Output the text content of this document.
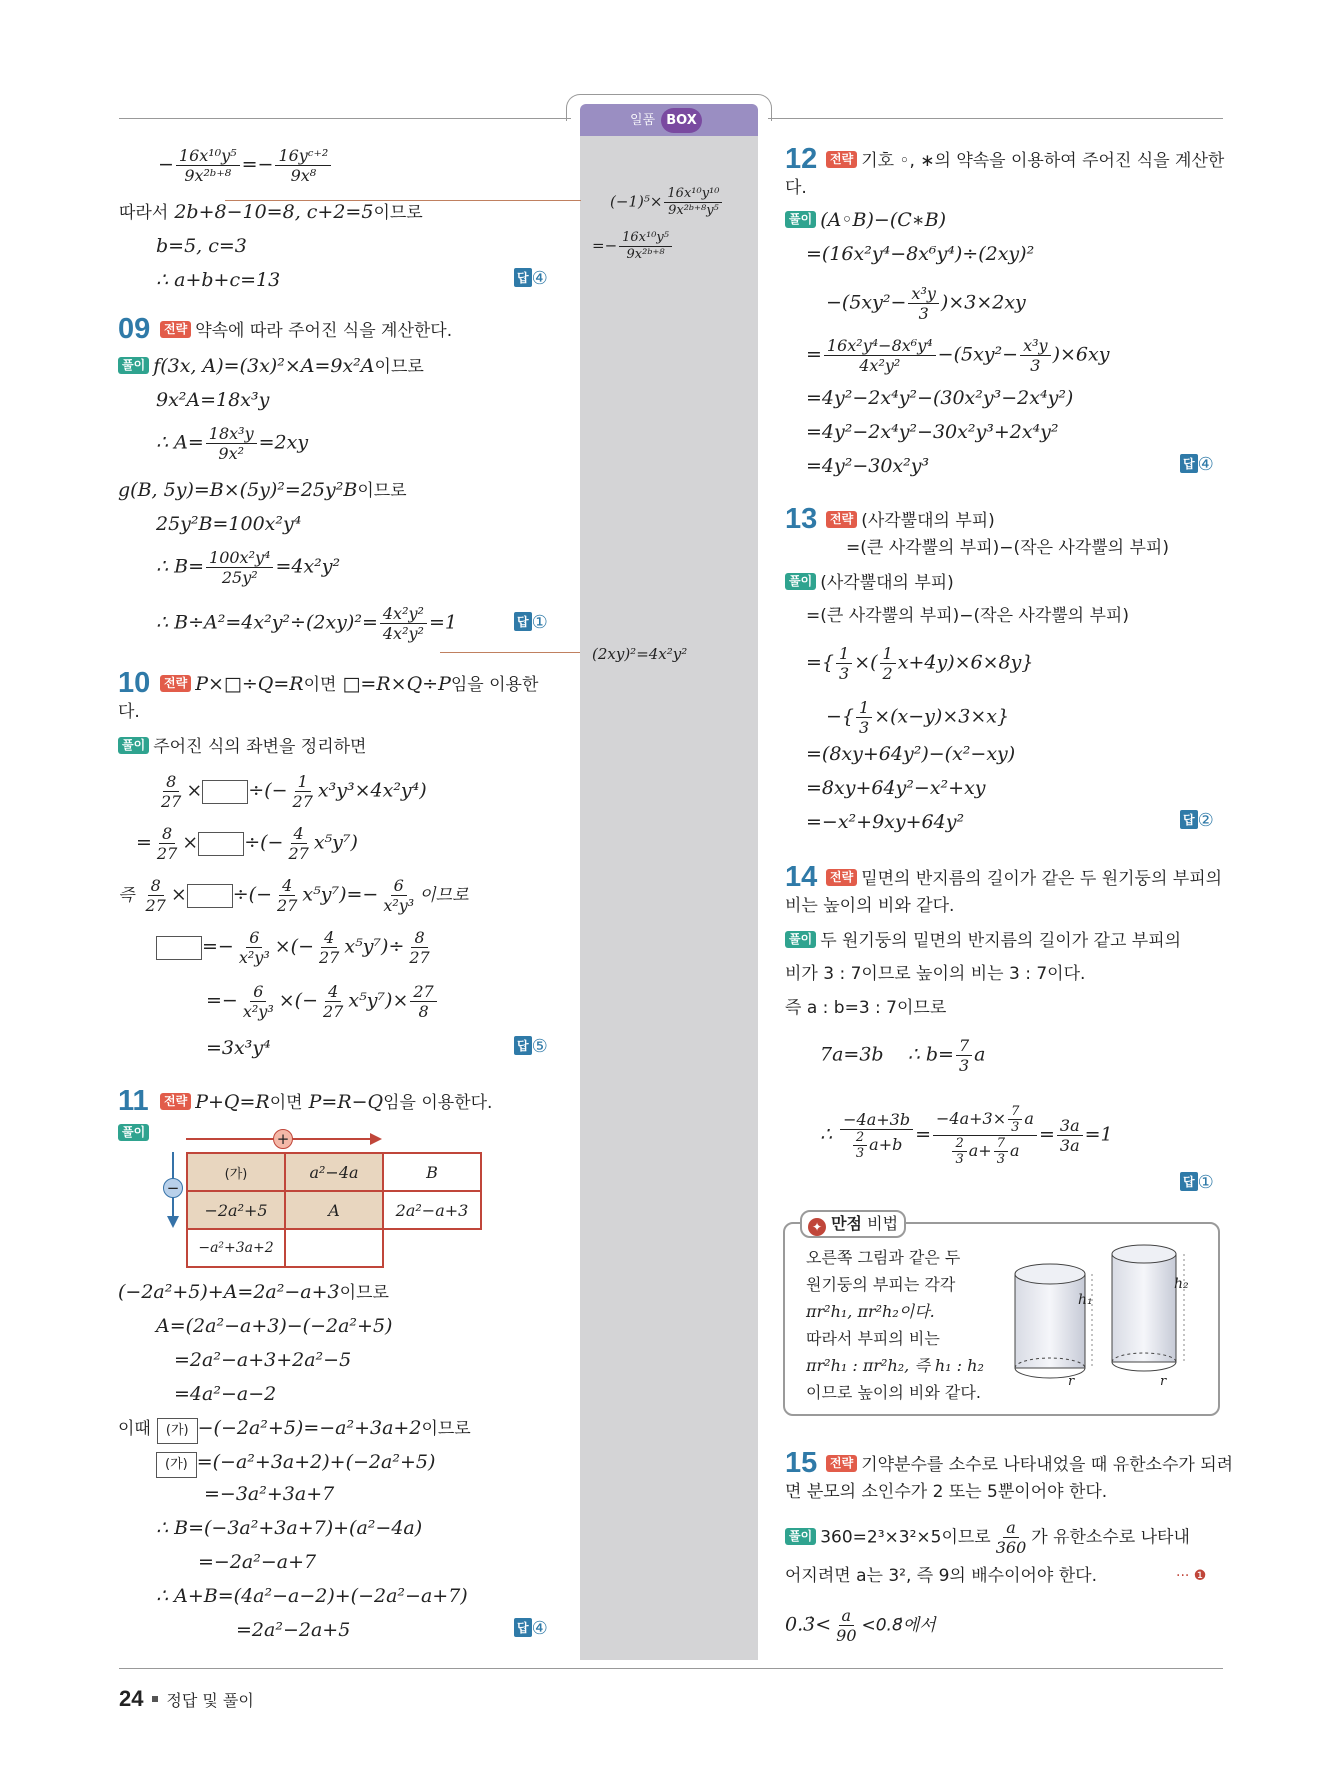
일품 BOX
$(-1)^5\times \frac{\text{16x¹⁰y¹⁰}}{\text{9x²ᵇ⁺⁸y⁵}}$
=− $\frac{\text{16x¹⁰y⁵}}{\text{9x²ᵇ⁺⁸}}$
(2xy)²=4x²y²
− $\frac{\text{16x¹⁰y⁵}}{\text{9x²ᵇ⁺⁸}} =- \frac{\text{16yᶜ⁺²}}{\text{9x⁸}}$
따라서 2b+8−10=8, c+2=5이므로
b=5, c=3
∴ a+b+c=13	답 ④
09	전략 약속에 따라 주어진 식을 계산한다.
풀이 f(3x, A)=(3x)²×A=9x²A이므로
9x²A=18x³y
∴ $A= \frac{\text{18x³y}}{\text{9x²}} =2xy$
g(B, 5y)=B×(5y)²=25y²B이므로
25y²B=100x²y⁴
∴ $B= \frac{\text{100x²y⁴}}{\text{25y²}} =4x^2y^2$
∴ $B\div A^2=4x^2y^2\div(2xy)^2= \frac{\text{4x²y²}}{\text{4x²y²}} =1$	답 ①
10	전략 P×□÷Q=R이면 □=R×Q÷P임을 이용한
다.
풀이 주어진 식의 좌변을 정리하면
$\frac{8}{27}$ × ÷(− $\frac{1}{27} x^3y^3\times 4x^2y^4$)
= $\frac{8}{27}$ × ÷(− $\frac{4}{27} x^5y^7$)
즉 $\frac{8}{27}$ × ÷(− $\frac{4}{27} x^5y^7)=- \frac{6}{\text{x²y³}}$ 이므로
=− $\frac{6}{\text{x²y³}}$ ×(− $\frac{4}{27} x^5y^7)\div \frac{8}{27}$
=− $\frac{6}{\text{x²y³}}$ ×(− $\frac{4}{27} x^5y^7)\times \frac{27}{8}$
=3x³y⁴	답 ⑤
11	전략 P+Q=R이면 P=R−Q임을 이용한다.
풀이	+
−
(가)	a²−4a	B
−2a²+5	A	2a²−a+3
−a²+3a+2		
(−2a²+5)+A=2a²−a+3이므로
A=(2a²−a+3)−(−2a²+5)
=2a²−a+3+2a²−5
=4a²−a−2
이때 (가) −(−2a²+5)=−a²+3a+2이므로
(가) =(−a²+3a+2)+(−2a²+5)
=−3a²+3a+7
∴ B=(−3a²+3a+7)+(a²−4a)
=−2a²−a+7
∴ A+B=(4a²−a−2)+(−2a²−a+7)
=2a²−2a+5	답 ④
12	전략 기호 ◦, ∗의 약속을 이용하여 주어진 식을 계산한
다.
풀이 (A◦B)−(C∗B)
=(16x²y⁴−8x⁶y⁴)÷(2xy)²
$-(5xy^2- \frac{\text{x³y}}{3} )\times 3\times 2xy$
= $\frac{\text{16x²y⁴−8x⁶y⁴}}{\text{4x²y²}} -(5xy^2- \frac{\text{x³y}}{3} )\times 6xy$
=4y²−2x⁴y²−(30x²y³−2x⁴y²)
=4y²−2x⁴y²−30x²y³+2x⁴y²
=4y²−30x²y³	답 ④
13	전략 (사각뿔대의 부피)
=(큰 사각뿔의 부피)−(작은 사각뿔의 부피)
풀이 (사각뿔대의 부피)
=(큰 사각뿔의 부피)−(작은 사각뿔의 부피)
={ $\frac{1}{3}$ ×( $\frac{1}{2} x+4y)\times 6\times 8y$}
−{ $\frac{1}{3} \times(x-y)\times 3\times x$}
=(8xy+64y²)−(x²−xy)
=8xy+64y²−x²+xy
=−x²+9xy+64y²	답 ②
14	전략 밑면의 반지름의 길이가 같은 두 원기둥의 부피의
비는 높이의 비와 같다.
풀이 두 원기둥의 밑면의 반지름의 길이가 같고 부피의
비가 3 : 7이므로 높이의 비는 3 : 7이다.
즉 a : b=3 : 7이므로
7a=3b ∴ $b= \frac{7}{3}$ a
∴ $\frac{-4a+3b}{\frac{2}{3} a+b} = \frac{-4a+3\times \frac{7}{3} a}{\frac{2}{3} a+ \frac{7}{3} a} = \frac{3a}{3a} =1$
답 ①
✦ 만점 비법
오른쪽 그림과 같은 두
원기둥의 부피는 각각
πr²h₁, πr²h₂이다.
따라서 부피의 비는
πr²h₁ : πr²h₂, 즉 h₁ : h₂
이므로 높이의 비와 같다.
h₁
h₂
r	r
15	전략 기약분수를 소수로 나타내었을 때 유한소수가 되려
면 분모의 소인수가 2 또는 5뿐이어야 한다.
풀이 360=2³×3²×5이므로 $\frac{a}{360}$ 가 유한소수로 나타내
어지려면 a는 3², 즉 9의 배수이어야 한다.	··· ❶
0.3̇< $\frac{a}{90}$ <0.8̇에서
24 정답 및 풀이
